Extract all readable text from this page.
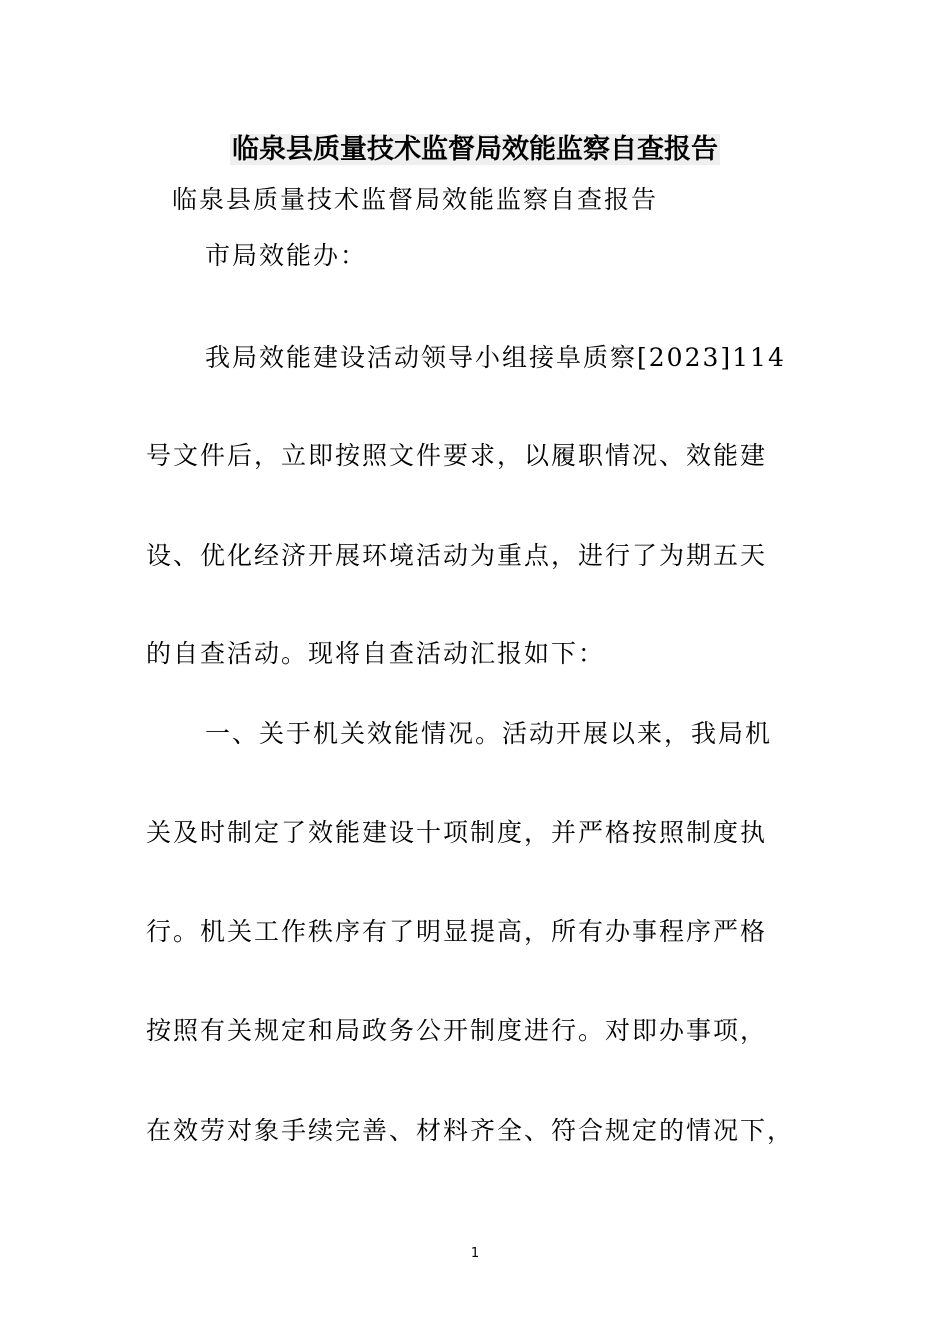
临泉县质量技术监督局效能监察自查报告
临泉县质量技术监督局效能监察自查报告
市局效能办：
我局效能建设活动领导小组接阜质察[2023]114
号文件后，立即按照文件要求，以履职情况、效能建
设、优化经济开展环境活动为重点，进行了为期五天
的自查活动。现将自查活动汇报如下：
一、关于机关效能情况。活动开展以来，我局机
关及时制定了效能建设十项制度，并严格按照制度执
行。机关工作秩序有了明显提高，所有办事程序严格
按照有关规定和局政务公开制度进行。对即办事项，
在效劳对象手续完善、材料齐全、符合规定的情况下，
1
